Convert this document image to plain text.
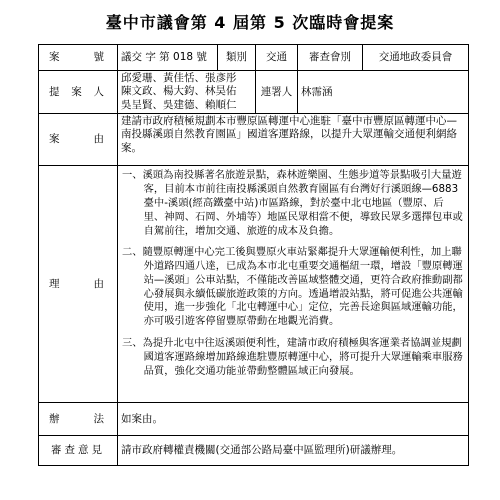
臺中市議會第 4 屆第 5 次臨時會提案
案　　號	議交 字 第 018 號	類別	交通	審查會別	交通地政委員會
提 案 人	邱愛珊、黃佳恬、張彥彤
陳文政、楊大鈞、林昊佑
吳呈賢、吳建德、賴順仁		連署人	林霈涵	
案　　由	建請市政府積極規劃本市豐原區轉運中心進駐「臺中市豐原區轉運中心—南投縣溪頭自然教育園區」國道客運路線，以提升大眾運輸交通便利網絡案。				
理　　由	一、溪頭為南投縣著名旅遊景點，森林遊樂園、生態步道等景點吸引大量遊客，目前本市前往南投縣溪頭自然教育園區有台灣好行溪頭線—6883 臺中-溪頭(經高鐵臺中站)市區路線，對於臺中北屯地區（豐原、后里、神岡、石岡、外埔等）地區民眾相當不便，導致民眾多選擇包車或自駕前往，增加交通、旅遊的成本及負擔。

二、隨豐原轉運中心完工後與豐原火車站緊鄰提升大眾運輸便利性，加上聯外道路四通八達，已成為本市北屯重要交通樞紐一環，增設「豐原轉運站—溪頭」公車站點，不僅能改善區域整體交通，更符合政府推動副都心發展與永續低碳旅遊政策的方向。透過增設站點，將可促進公共運輸使用，進一步強化「北屯轉運中心」定位，完善長途與區域運輸功能，亦可吸引遊客停留豐原帶動在地觀光消費。

三、為提升北屯中往返溪頭便利性，建請市政府積極與客運業者協調並規劃國道客運路線增加路線進駐豐原轉運中心，將可提升大眾運輸乘車服務品質，強化交通功能並帶動整體區域正向發展。				

辦　　法	如案由。				
審查意見	請市政府轉權責機關(交通部公路局臺中區監理所)研議辦理。				
